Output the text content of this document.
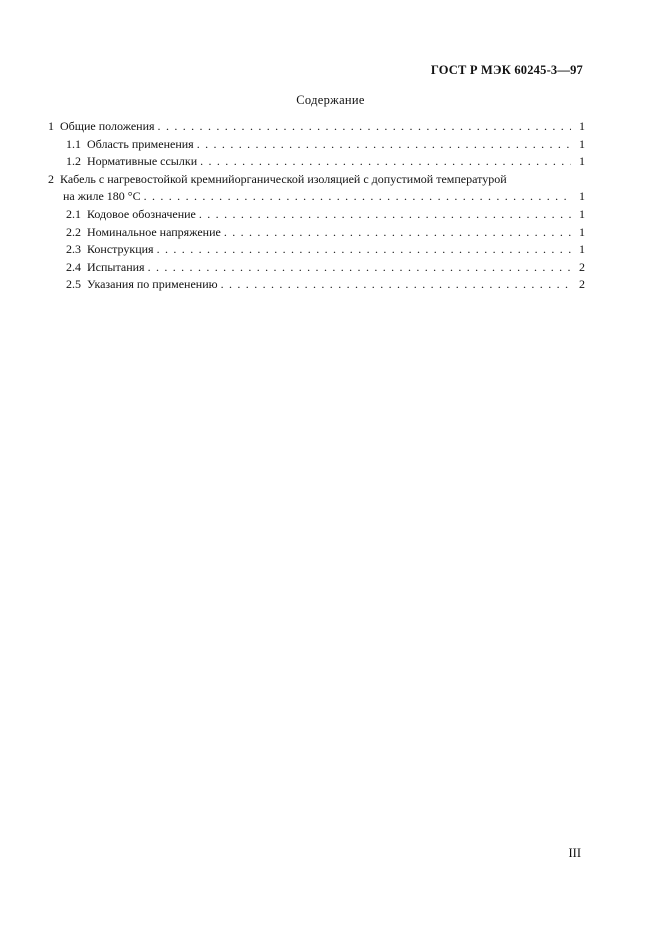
ГОСТ Р МЭК 60245-3—97
Содержание
1 Общие положения . . .	1
1.1 Область применения . . .	1
1.2 Нормативные ссылки . . .	1
2 Кабель с нагревостойкой кремнийорганической изоляцией с допустимой температурой
на жиле 180 °С . . .	1
2.1 Кодовое обозначение . . .	1
2.2 Номинальное напряжение . . .	1
2.3 Конструкция . . .	1
2.4 Испытания . . .	2
2.5 Указания по применению . . .	2
III
